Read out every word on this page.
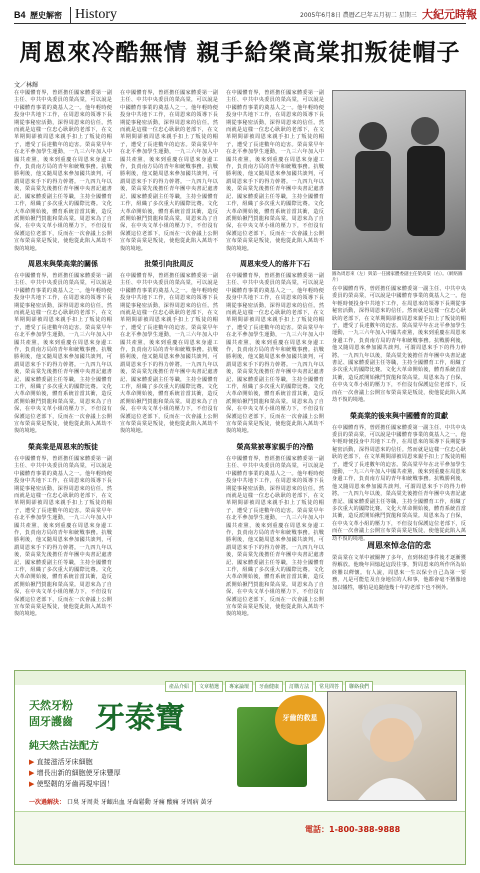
B4 歷史解密 History	2005年6月8日 農曆乙巳年五月初二 星期三 大紀元時報
周恩來冷酷無情 親手給榮高棠扣叛徒帽子
文／林輝
在中國體育界，曾經擔任國家體委第一副主任、中共中央委員的榮高棠，可以說是中國體育事業的奠基人之一。他年輕時便投身中共地下工作，在周恩來的領導下長期從事秘密活動，深得周恩來的信任。然而就是這樣一位忠心耿耿的老部下，在文革期間卻被周恩來親手扣上了叛徒的帽子，遭受了長達數年的迫害。榮高棠早年在北平參加學生運動，一九三六年加入中國共產黨，後來到重慶在周恩來身邊工作，負責南方局的青年和統戰事務。抗戰勝利後，他又隨周恩來參加國共談判，可謂周恩來手下的得力幹將。一九四九年以後，榮高棠先後擔任青年團中央書記處書記、國家體委副主任等職，主持全國體育工作，組織了多次重大的國際比賽。文化大革命開始後，體育系統首當其衝，造反派開始揪鬥賀龍和榮高棠。周恩來為了自保，在中央文革小組的壓力下，不但沒有保護這位老部下，反而在一次會議上公開宣布榮高棠是叛徒，使他從此陷入萬劫不復的境地。
周恩來與榮高棠的關係
在中國體育界，曾經擔任國家體委第一副主任、中共中央委員的榮高棠，可以說是中國體育事業的奠基人之一。他年輕時便投身中共地下工作，在周恩來的領導下長期從事秘密活動，深得周恩來的信任。然而就是這樣一位忠心耿耿的老部下，在文革期間卻被周恩來親手扣上了叛徒的帽子，遭受了長達數年的迫害。榮高棠早年在北平參加學生運動，一九三六年加入中國共產黨，後來到重慶在周恩來身邊工作，負責南方局的青年和統戰事務。抗戰勝利後，他又隨周恩來參加國共談判，可謂周恩來手下的得力幹將。一九四九年以後，榮高棠先後擔任青年團中央書記處書記、國家體委副主任等職，主持全國體育工作，組織了多次重大的國際比賽。文化大革命開始後，體育系統首當其衝，造反派開始揪鬥賀龍和榮高棠。周恩來為了自保，在中央文革小組的壓力下，不但沒有保護這位老部下，反而在一次會議上公開宣布榮高棠是叛徒，使他從此陷入萬劫不復的境地。
榮高棠是周恩來的叛徒
在中國體育界，曾經擔任國家體委第一副主任、中共中央委員的榮高棠，可以說是中國體育事業的奠基人之一。他年輕時便投身中共地下工作，在周恩來的領導下長期從事秘密活動，深得周恩來的信任。然而就是這樣一位忠心耿耿的老部下，在文革期間卻被周恩來親手扣上了叛徒的帽子，遭受了長達數年的迫害。榮高棠早年在北平參加學生運動，一九三六年加入中國共產黨，後來到重慶在周恩來身邊工作，負責南方局的青年和統戰事務。抗戰勝利後，他又隨周恩來參加國共談判，可謂周恩來手下的得力幹將。一九四九年以後，榮高棠先後擔任青年團中央書記處書記、國家體委副主任等職，主持全國體育工作，組織了多次重大的國際比賽。文化大革命開始後，體育系統首當其衝，造反派開始揪鬥賀龍和榮高棠。周恩來為了自保，在中央文革小組的壓力下，不但沒有保護這位老部下，反而在一次會議上公開宣布榮高棠是叛徒，使他從此陷入萬劫不復的境地。
在中國體育界，曾經擔任國家體委第一副主任、中共中央委員的榮高棠，可以說是中國體育事業的奠基人之一。他年輕時便投身中共地下工作，在周恩來的領導下長期從事秘密活動，深得周恩來的信任。然而就是這樣一位忠心耿耿的老部下，在文革期間卻被周恩來親手扣上了叛徒的帽子，遭受了長達數年的迫害。榮高棠早年在北平參加學生運動，一九三六年加入中國共產黨，後來到重慶在周恩來身邊工作，負責南方局的青年和統戰事務。抗戰勝利後，他又隨周恩來參加國共談判，可謂周恩來手下的得力幹將。一九四九年以後，榮高棠先後擔任青年團中央書記處書記、國家體委副主任等職，主持全國體育工作，組織了多次重大的國際比賽。文化大革命開始後，體育系統首當其衝，造反派開始揪鬥賀龍和榮高棠。周恩來為了自保，在中央文革小組的壓力下，不但沒有保護這位老部下，反而在一次會議上公開宣布榮高棠是叛徒，使他從此陷入萬劫不復的境地。
批榮引向批周反
在中國體育界，曾經擔任國家體委第一副主任、中共中央委員的榮高棠，可以說是中國體育事業的奠基人之一。他年輕時便投身中共地下工作，在周恩來的領導下長期從事秘密活動，深得周恩來的信任。然而就是這樣一位忠心耿耿的老部下，在文革期間卻被周恩來親手扣上了叛徒的帽子，遭受了長達數年的迫害。榮高棠早年在北平參加學生運動，一九三六年加入中國共產黨，後來到重慶在周恩來身邊工作，負責南方局的青年和統戰事務。抗戰勝利後，他又隨周恩來參加國共談判，可謂周恩來手下的得力幹將。一九四九年以後，榮高棠先後擔任青年團中央書記處書記、國家體委副主任等職，主持全國體育工作，組織了多次重大的國際比賽。文化大革命開始後，體育系統首當其衝，造反派開始揪鬥賀龍和榮高棠。周恩來為了自保，在中央文革小組的壓力下，不但沒有保護這位老部下，反而在一次會議上公開宣布榮高棠是叛徒，使他從此陷入萬劫不復的境地。
在中國體育界，曾經擔任國家體委第一副主任、中共中央委員的榮高棠，可以說是中國體育事業的奠基人之一。他年輕時便投身中共地下工作，在周恩來的領導下長期從事秘密活動，深得周恩來的信任。然而就是這樣一位忠心耿耿的老部下，在文革期間卻被周恩來親手扣上了叛徒的帽子，遭受了長達數年的迫害。榮高棠早年在北平參加學生運動，一九三六年加入中國共產黨，後來到重慶在周恩來身邊工作，負責南方局的青年和統戰事務。抗戰勝利後，他又隨周恩來參加國共談判，可謂周恩來手下的得力幹將。一九四九年以後，榮高棠先後擔任青年團中央書記處書記、國家體委副主任等職，主持全國體育工作，組織了多次重大的國際比賽。文化大革命開始後，體育系統首當其衝，造反派開始揪鬥賀龍和榮高棠。周恩來為了自保，在中央文革小組的壓力下，不但沒有保護這位老部下，反而在一次會議上公開宣布榮高棠是叛徒，使他從此陷入萬劫不復的境地。
周恩來受人的落井下石
在中國體育界，曾經擔任國家體委第一副主任、中共中央委員的榮高棠，可以說是中國體育事業的奠基人之一。他年輕時便投身中共地下工作，在周恩來的領導下長期從事秘密活動，深得周恩來的信任。然而就是這樣一位忠心耿耿的老部下，在文革期間卻被周恩來親手扣上了叛徒的帽子，遭受了長達數年的迫害。榮高棠早年在北平參加學生運動，一九三六年加入中國共產黨，後來到重慶在周恩來身邊工作，負責南方局的青年和統戰事務。抗戰勝利後，他又隨周恩來參加國共談判，可謂周恩來手下的得力幹將。一九四九年以後，榮高棠先後擔任青年團中央書記處書記、國家體委副主任等職，主持全國體育工作，組織了多次重大的國際比賽。文化大革命開始後，體育系統首當其衝，造反派開始揪鬥賀龍和榮高棠。周恩來為了自保，在中央文革小組的壓力下，不但沒有保護這位老部下，反而在一次會議上公開宣布榮高棠是叛徒，使他從此陷入萬劫不復的境地。
榮高棠被專家親手的冷酷
在中國體育界，曾經擔任國家體委第一副主任、中共中央委員的榮高棠，可以說是中國體育事業的奠基人之一。他年輕時便投身中共地下工作，在周恩來的領導下長期從事秘密活動，深得周恩來的信任。然而就是這樣一位忠心耿耿的老部下，在文革期間卻被周恩來親手扣上了叛徒的帽子，遭受了長達數年的迫害。榮高棠早年在北平參加學生運動，一九三六年加入中國共產黨，後來到重慶在周恩來身邊工作，負責南方局的青年和統戰事務。抗戰勝利後，他又隨周恩來參加國共談判，可謂周恩來手下的得力幹將。一九四九年以後，榮高棠先後擔任青年團中央書記處書記、國家體委副主任等職，主持全國體育工作，組織了多次重大的國際比賽。文化大革命開始後，體育系統首當其衝，造反派開始揪鬥賀龍和榮高棠。周恩來為了自保，在中央文革小組的壓力下，不但沒有保護這位老部下，反而在一次會議上公開宣布榮高棠是叛徒，使他從此陷入萬劫不復的境地。
圖為周恩來（左）與第一任國家體委副主任榮高棠（右）。（網絡圖片）
在中國體育界，曾經擔任國家體委第一副主任、中共中央委員的榮高棠，可以說是中國體育事業的奠基人之一。他年輕時便投身中共地下工作，在周恩來的領導下長期從事秘密活動，深得周恩來的信任。然而就是這樣一位忠心耿耿的老部下，在文革期間卻被周恩來親手扣上了叛徒的帽子，遭受了長達數年的迫害。榮高棠早年在北平參加學生運動，一九三六年加入中國共產黨，後來到重慶在周恩來身邊工作，負責南方局的青年和統戰事務。抗戰勝利後，他又隨周恩來參加國共談判，可謂周恩來手下的得力幹將。一九四九年以後，榮高棠先後擔任青年團中央書記處書記、國家體委副主任等職，主持全國體育工作，組織了多次重大的國際比賽。文化大革命開始後，體育系統首當其衝，造反派開始揪鬥賀龍和榮高棠。周恩來為了自保，在中央文革小組的壓力下，不但沒有保護這位老部下，反而在一次會議上公開宣布榮高棠是叛徒，使他從此陷入萬劫不復的境地。
榮高棠的後來與中國體育的貢獻
在中國體育界，曾經擔任國家體委第一副主任、中共中央委員的榮高棠，可以說是中國體育事業的奠基人之一。他年輕時便投身中共地下工作，在周恩來的領導下長期從事秘密活動，深得周恩來的信任。然而就是這樣一位忠心耿耿的老部下，在文革期間卻被周恩來親手扣上了叛徒的帽子，遭受了長達數年的迫害。榮高棠早年在北平參加學生運動，一九三六年加入中國共產黨，後來到重慶在周恩來身邊工作，負責南方局的青年和統戰事務。抗戰勝利後，他又隨周恩來參加國共談判，可謂周恩來手下的得力幹將。一九四九年以後，榮高棠先後擔任青年團中央書記處書記、國家體委副主任等職，主持全國體育工作，組織了多次重大的國際比賽。文化大革命開始後，體育系統首當其衝，造反派開始揪鬥賀龍和榮高棠。周恩來為了自保，在中央文革小組的壓力下，不但沒有保護這位老部下，反而在一次會議上公開宣布榮高棠是叛徒，使他從此陷入萬劫不復的境地。
周恩來悼念信的悲
榮高棠在文革中被關押了多年，直到林彪事件後才逐漸獲得解放。他晚年回憶起這段往事，對周恩來的所作所為始終難以釋懷。有人說，周恩來一生以保全自己為第一要務，凡是可能危及自身地位的人和事，他都會毫不猶豫地加以犧牲，哪怕是追隨他幾十年的老部下也不例外。
產品介紹 文章精選 專家論壇 牙齒健康 訂購方法 常見問答 聯絡我們
天然牙粉
固牙護齒 牙泰寶
純天然古法配方
▶ 直接滋活牙床細胞
▶ 增長出新的細胞使牙床豐厚
▶ 使堅韌的牙齒再現牢固！
一次過解決： 口臭 牙周炎 牙齦出血 牙齒鬆動 牙痛 酸痛 牙周病 黃牙
牙齒的救星
電話：1-800-388-9888
